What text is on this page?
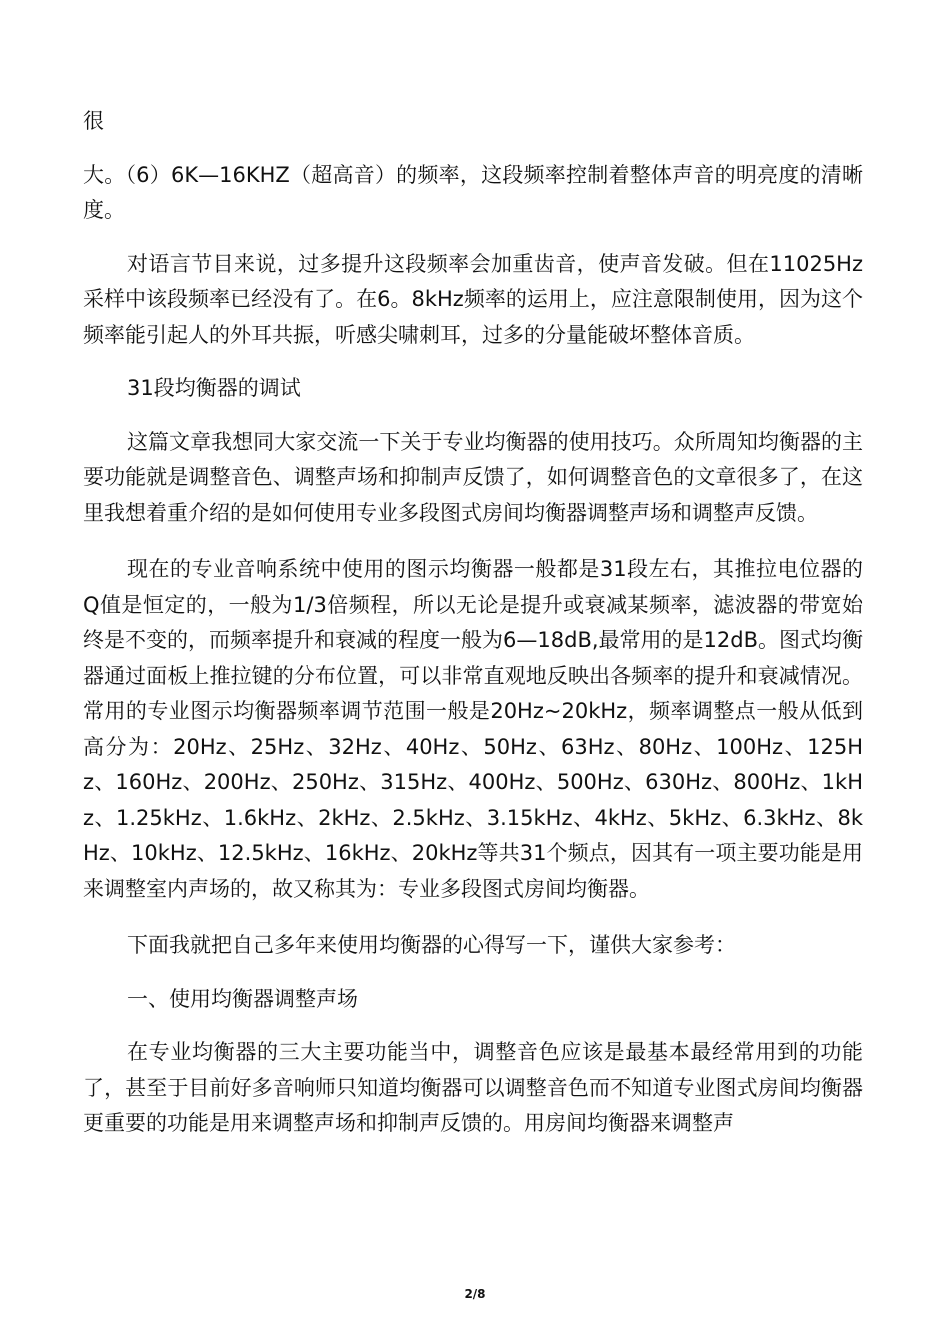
很

大。（6）6K—16KHZ（超高音）的频率，这段频率控制着整体声音的明亮度的清晰度。

对语言节目来说，过多提升这段频率会加重齿音，使声音发破。但在11025Hz采样中该段频率已经没有了。在6。8kHz频率的运用上，应注意限制使用，因为这个频率能引起人的外耳共振，听感尖啸刺耳，过多的分量能破坏整体音质。

31段均衡器的调试

这篇文章我想同大家交流一下关于专业均衡器的使用技巧。众所周知均衡器的主要功能就是调整音色、调整声场和抑制声反馈了，如何调整音色的文章很多了，在这里我想着重介绍的是如何使用专业多段图式房间均衡器调整声场和调整声反馈。

现在的专业音响系统中使用的图示均衡器一般都是31段左右，其推拉电位器的Q值是恒定的，一般为1/3倍频程，所以无论是提升或衰减某频率，滤波器的带宽始终是不变的，而频率提升和衰减的程度一般为6—18dB,最常用的是12dB。图式均衡器通过面板上推拉键的分布位置，可以非常直观地反映出各频率的提升和衰减情况。常用的专业图示均衡器频率调节范围一般是20Hz~20kHz，频率调整点一般从低到高分为：20Hz、25Hz、32Hz、40Hz、50Hz、63Hz、80Hz、100Hz、125Hz、160Hz、200Hz、250Hz、315Hz、400Hz、500Hz、630Hz、800Hz、1kHz、1.25kHz、1.6kHz、2kHz、2.5kHz、3.15kHz、4kHz、5kHz、6.3kHz、8kHz、10kHz、12.5kHz、16kHz、20kHz等共31个频点，因其有一项主要功能是用来调整室内声场的，故又称其为：专业多段图式房间均衡器。

下面我就把自己多年来使用均衡器的心得写一下，谨供大家参考：

一、使用均衡器调整声场

在专业均衡器的三大主要功能当中，调整音色应该是最基本最经常用到的功能了，甚至于目前好多音响师只知道均衡器可以调整音色而不知道专业图式房间均衡器更重要的功能是用来调整声场和抑制声反馈的。用房间均衡器来调整声

2/8
